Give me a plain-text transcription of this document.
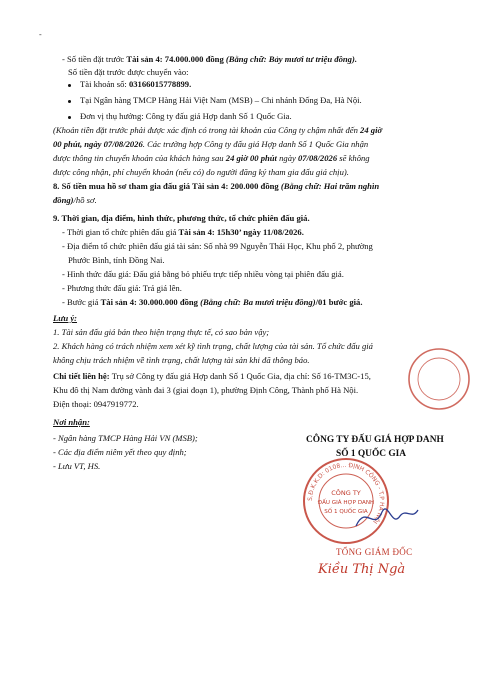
-
- Số tiền đặt trước Tài sản 4: 74.000.000 đồng (Bằng chữ: Bảy mươi tư triệu đồng).
Số tiền đặt trước được chuyển vào:
Tài khoản số: 03166015778899.
Tại Ngân hàng TMCP Hàng Hải Việt Nam (MSB) – Chi nhánh Đống Đa, Hà Nội.
Đơn vị thụ hưởng: Công ty đấu giá Hợp danh Số 1 Quốc Gia.
(Khoản tiền đặt trước phải được xác định có trong tài khoản của Công ty chậm nhất đến 24 giờ
00 phút, ngày 07/08/2026. Các trường hợp Công ty đấu giá Hợp danh Số 1 Quốc Gia nhận
được thông tin chuyển khoản của khách hàng sau 24 giờ 00 phút ngày 07/08/2026 sẽ không
được công nhận, phí chuyển khoản (nếu có) do người đăng ký tham gia đấu giá chịu).
8. Số tiền mua hồ sơ tham gia đấu giá Tài sản 4: 200.000 đồng (Bằng chữ: Hai trăm nghìn
đồng)/hồ sơ.
9. Thời gian, địa điểm, hình thức, phương thức, tổ chức phiên đấu giá.
- Thời gian tổ chức phiên đấu giá Tài sản 4: 15h30’ ngày 11/08/2026.
- Địa điểm tổ chức phiên đấu giá tài sản: Số nhà 99 Nguyễn Thái Học, Khu phố 2, phường
Phước Bình, tỉnh Đồng Nai.
- Hình thức đấu giá: Đấu giá bằng bỏ phiếu trực tiếp nhiều vòng tại phiên đấu giá.
- Phương thức đấu giá: Trả giá lên.
- Bước giá Tài sản 4: 30.000.000 đồng (Bằng chữ: Ba mươi triệu đồng)/01 bước giá.
Lưu ý:
1. Tài sản đấu giá bán theo hiện trạng thực tế, có sao bản vậy;
2. Khách hàng có trách nhiệm xem xét kỹ tình trạng, chất lượng của tài sản. Tổ chức đấu giá
không chịu trách nhiệm về tình trạng, chất lượng tài sản khi đã thông báo.
Chi tiết liên hệ: Trụ sở Công ty đấu giá Hợp danh Số 1 Quốc Gia, địa chỉ: Số 16-TM3C-15,
Khu đô thị Nam đường vành đai 3 (giai đoạn 1), phường Định Công, Thành phố Hà Nội.
Điện thoại: 0947919772.
Nơi nhận:
- Ngân hàng TMCP Hàng Hải VN (MSB);
- Các địa điểm niêm yết theo quy định;
- Lưu VT, HS.
CÔNG TY ĐẤU GIÁ HỢP DANH
SỐ 1 QUỐC GIA
S.Đ.K.K.D: 0108... ĐỊNH CÔNG - T.P HÀ NỘI
CÔNG TY
ĐẤU GIÁ HỢP DANH
SỐ 1 QUỐC GIA
TỔNG GIÁM ĐỐC
Kiều Thị Ngà
